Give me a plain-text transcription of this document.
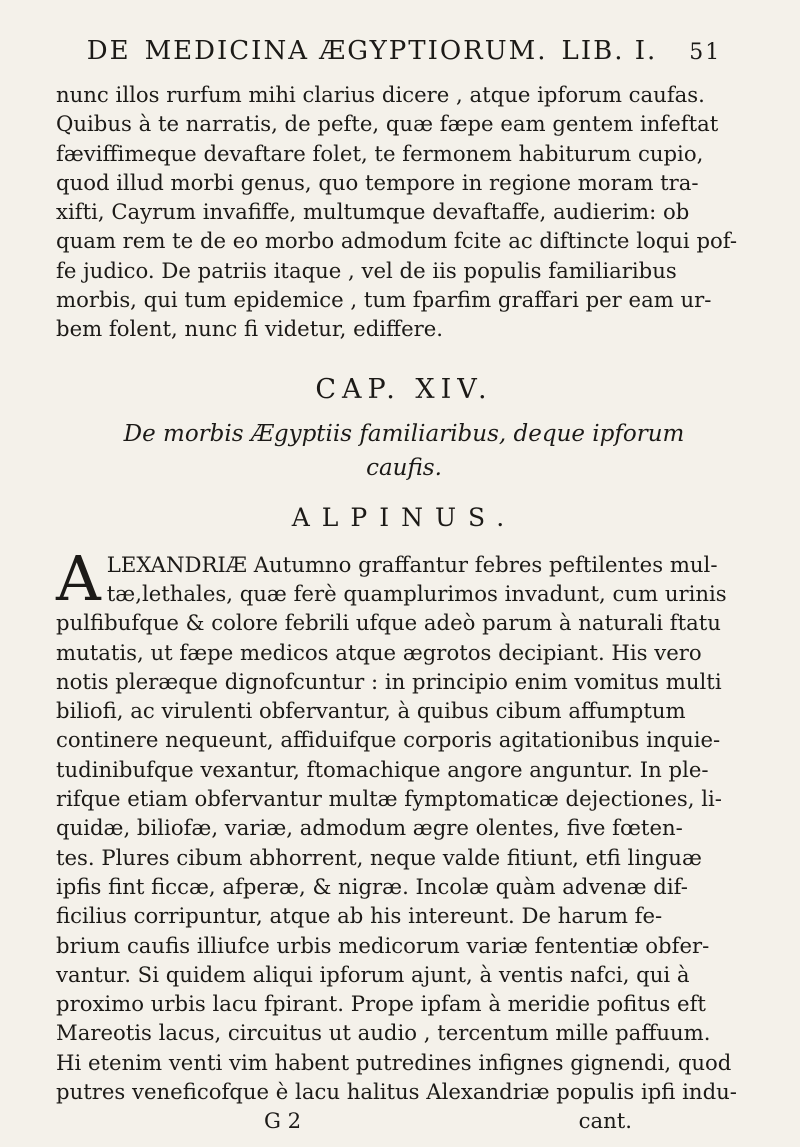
DE MEDICINA ÆGYPTIORUM. LIB. I. 51

nunc illos rurfum mihi clarius dicere , atque ipforum caufas.
Quibus à te narratis, de pefte, quæ fæpe eam gentem infeftat
fæviffimeque devaftare folet, te fermonem habiturum cupio,
quod illud morbi genus, quo tempore in regione moram tra-
xifti, Cayrum invafiffe, multumque devaftaffe, audierim: ob
quam rem te de eo morbo admodum fcite ac diftincte loqui pof-
fe judico. De patriis itaque , vel de iis populis familiaribus
morbis, qui tum epidemice , tum fparfim graffari per eam ur-
bem folent, nunc fi videtur, ediffere.

CAP. XIV.
De morbis Ægyptiis familiaribus, deque ipforum
caufis.
ALPINUS.

A LEXANDRIÆ Autumno graffantur febres peftilentes mul-
tæ,lethales, quæ ferè quamplurimos invadunt, cum urinis
pulfibufque & colore febrili ufque adeò parum à naturali ftatu
mutatis, ut fæpe medicos atque ægrotos decipiant. His vero
notis pleræque dignofcuntur : in principio enim vomitus multi
biliofi, ac virulenti obfervantur, à quibus cibum affumptum
continere nequeunt, affiduifque corporis agitationibus inquie-
tudinibufque vexantur, ftomachique angore anguntur. In ple-
rifque etiam obfervantur multæ fymptomaticæ dejectiones, li-
quidæ, biliofæ, variæ, admodum ægre olentes, five fœten-
tes. Plures cibum abhorrent, neque valde fitiunt, etfi linguæ
ipfis fint ficcæ, afperæ, & nigræ. Incolæ quàm advenæ dif-
ficilius corripuntur, atque ab his intereunt. De harum fe-
brium caufis illiufce urbis medicorum variæ fententiæ obfer-
vantur. Si quidem aliqui ipforum ajunt, à ventis nafci, qui à
proximo urbis lacu fpirant. Prope ipfam à meridie pofitus eft
Mareotis lacus, circuitus ut audio , tercentum mille paffuum.
Hi etenim venti vim habent putredines infignes gignendi, quod
putres veneficofque è lacu halitus Alexandriæ populis ipfi indu-

G 2	cant.
